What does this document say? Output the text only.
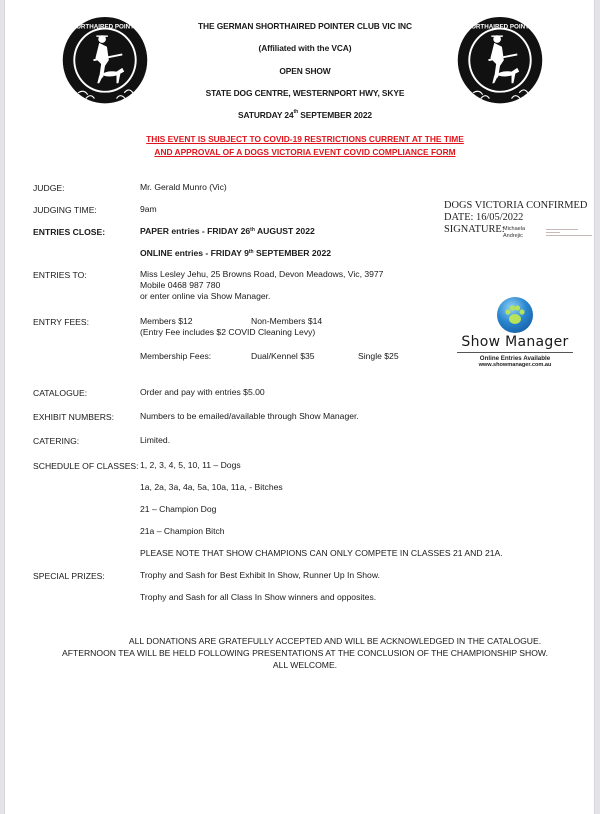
SHORTHAIRED POINTER	SHORTHAIRED POINTER
THE GERMAN SHORTHAIRED POINTER CLUB VIC INC
(Affiliated with the VCA)
OPEN SHOW
STATE DOG CENTRE, WESTERNPORT HWY, SKYE
SATURDAY 24th SEPTEMBER 2022
THIS EVENT IS SUBJECT TO COVID-19 RESTRICTIONS CURRENT AT THE TIME
AND APPROVAL OF A DOGS VICTORIA EVENT COVID COMPLIANCE FORM
DOGS VICTORIA CONFIRMED
DATE: 16/05/2022
SIGNATURE:
Michaela
Andrejic
JUDGE:	Mr. Gerald Munro (Vic)
JUDGING TIME:	9am
ENTRIES CLOSE:	PAPER entries - FRIDAY 26th AUGUST 2022
ONLINE entries - FRIDAY 9th SEPTEMBER 2022
ENTRIES TO:	Miss Lesley Jehu, 25 Browns Road, Devon Meadows, Vic, 3977
Mobile 0468 987 780
or enter online via Show Manager.
ENTRY FEES:	Members $12	Non-Members $14
(Entry Fee includes $2 COVID Cleaning Levy)
Membership Fees:	Dual/Kennel $35	Single $25
Show Manager
Online Entries Available
www.showmanager.com.au
CATALOGUE:	Order and pay with entries $5.00
EXHIBIT NUMBERS:	Numbers to be emailed/available through Show Manager.
CATERING:	Limited.
SCHEDULE OF CLASSES: 1, 2, 3, 4, 5, 10, 11 – Dogs
1a, 2a, 3a, 4a, 5a, 10a, 11a, - Bitches
21 – Champion Dog
21a – Champion Bitch
PLEASE NOTE THAT SHOW CHAMPIONS CAN ONLY COMPETE IN CLASSES 21 AND 21A.
SPECIAL PRIZES:	Trophy and Sash for Best Exhibit In Show, Runner Up In Show.
Trophy and Sash for all Class In Show winners and opposites.
ALL DONATIONS ARE GRATEFULLY ACCEPTED AND WILL BE ACKNOWLEDGED IN THE CATALOGUE.
AFTERNOON TEA WILL BE HELD FOLLOWING PRESENTATIONS AT THE CONCLUSION OF THE CHAMPIONSHIP SHOW.
ALL WELCOME.
